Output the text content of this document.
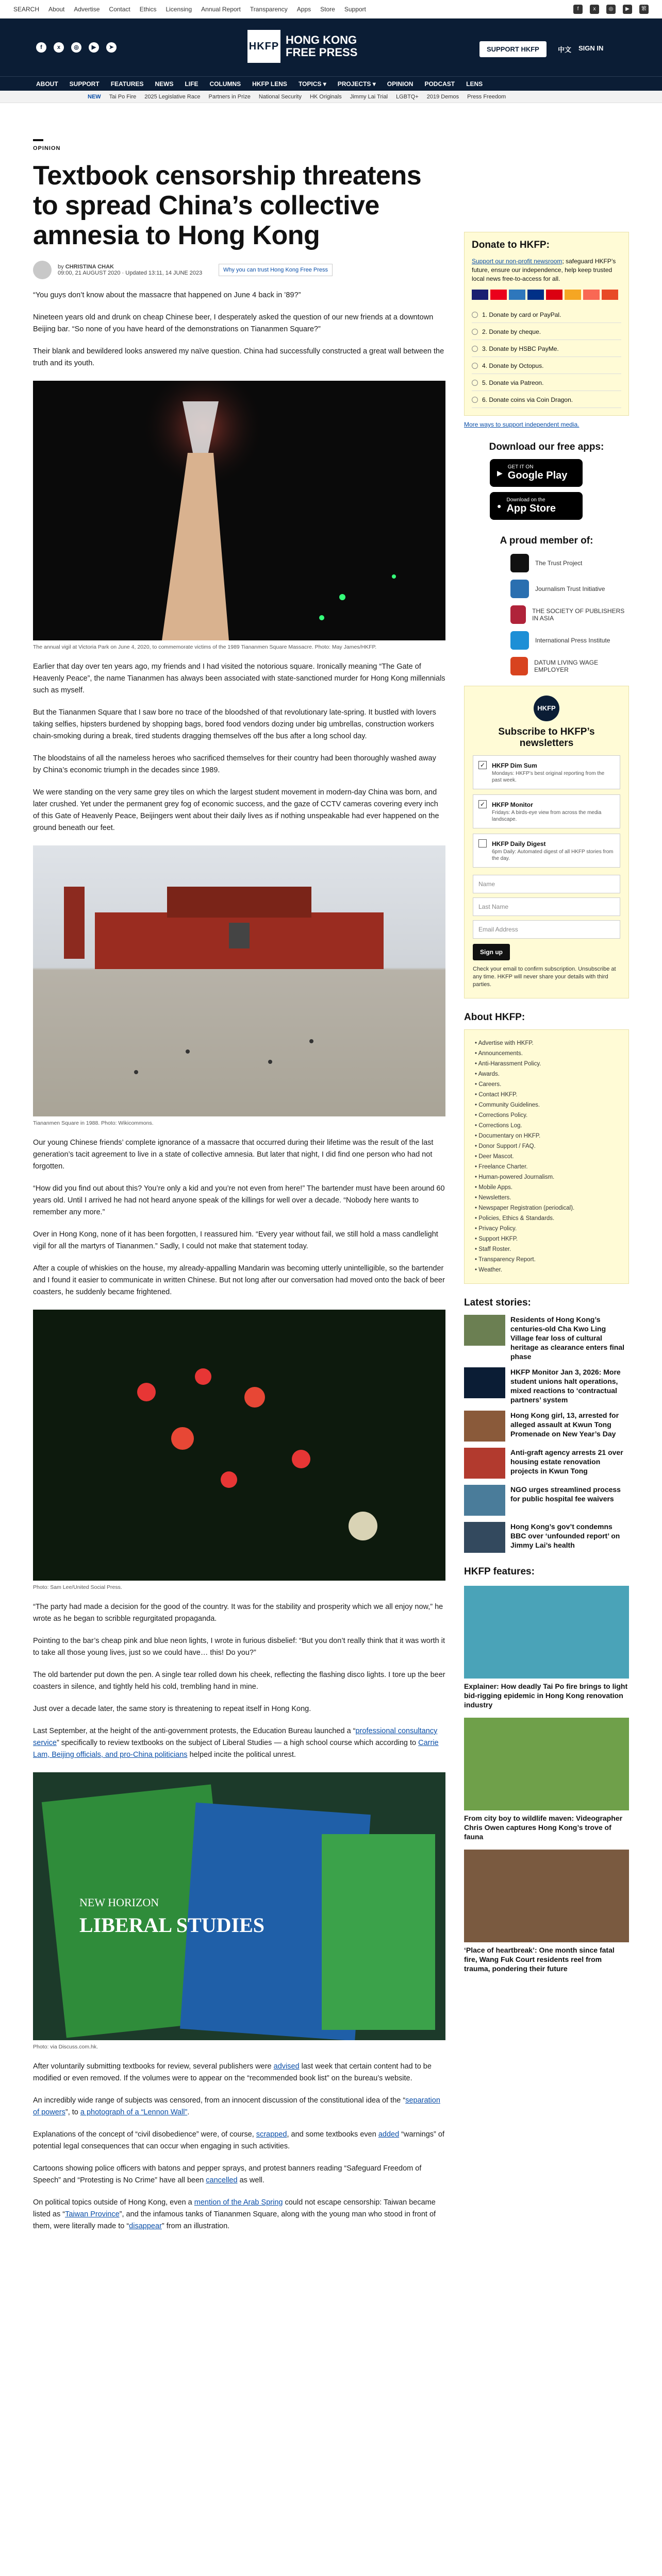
SEARCH About Advertise Contact Ethics Licensing Annual Report Transparency Apps Store Support	f	x	◎	▶	繁
f	x	◎	▶	➤	HKFP HONG KONG
FREE PRESS	SUPPORT HKFP	中文 SIGN IN
ABOUT SUPPORT FEATURES NEWS LIFE COLUMNS HKFP LENS TOPICS ▾ PROJECTS ▾ OPINION PODCAST LENS
NEW Tai Po Fire 2025 Legislative Race Partners in Prize National Security HK Originals Jimmy Lai Trial LGBTQ+ 2019 Demos Press Freedom
OPINION
Textbook censorship threatens to spread China’s collective amnesia to Hong Kong
by CHRISTINA CHAK
09:00, 21 AUGUST 2020 · Updated 13:11, 14 JUNE 2023	Why you can trust Hong Kong Free Press

“You guys don’t know about the massacre that happened on June 4 back in ’89?”

Nineteen years old and drunk on cheap Chinese beer, I desperately asked the question of our new friends at a downtown Beijing bar. “So none of you have heard of the demonstrations on Tiananmen Square?”

Their blank and bewildered looks answered my naïve question. China had successfully constructed a great wall between the truth and its youth.

The annual vigil at Victoria Park on June 4, 2020, to commemorate victims of the 1989 Tiananmen Square Massacre. Photo: May James/HKFP.

Earlier that day over ten years ago, my friends and I had visited the notorious square. Ironically meaning “The Gate of Heavenly Peace”, the name Tiananmen has always been associated with state-sanctioned murder for Hong Kong millennials such as myself.

But the Tiananmen Square that I saw bore no trace of the bloodshed of that revolutionary late-spring. It bustled with lovers taking selfies, hipsters burdened by shopping bags, bored food vendors dozing under big umbrellas, construction workers chain-smoking during a break, tired students dragging themselves off the bus after a long school day.

The bloodstains of all the nameless heroes who sacrificed themselves for their country had been thoroughly washed away by China’s economic triumph in the decades since 1989.

We were standing on the very same grey tiles on which the largest student movement in modern-day China was born, and later crushed. Yet under the permanent grey fog of economic success, and the gaze of CCTV cameras covering every inch of this Gate of Heavenly Peace, Beijingers went about their daily lives as if nothing unspeakable had ever happened on the ground beneath our feet.

Tiananmen Square in 1988. Photo: Wikicommons.

Our young Chinese friends’ complete ignorance of a massacre that occurred during their lifetime was the result of the last generation’s tacit agreement to live in a state of collective amnesia. But later that night, I did find one person who had not forgotten.

“How did you find out about this? You’re only a kid and you’re not even from here!” The bartender must have been around 60 years old. Until I arrived he had not heard anyone speak of the killings for well over a decade. “Nobody here wants to remember any more.”

Over in Hong Kong, none of it has been forgotten, I reassured him. “Every year without fail, we still hold a mass candlelight vigil for all the martyrs of Tiananmen.” Sadly, I could not make that statement today.

After a couple of whiskies on the house, my already-appalling Mandarin was becoming utterly unintelligible, so the bartender and I found it easier to communicate in written Chinese. But not long after our conversation had moved onto the back of beer coasters, he suddenly became frightened.

Photo: Sam Lee/United Social Press.

“The party had made a decision for the good of the country. It was for the stability and prosperity which we all enjoy now,” he wrote as he began to scribble regurgitated propaganda.

Pointing to the bar’s cheap pink and blue neon lights, I wrote in furious disbelief: “But you don’t really think that it was worth it to take all those young lives, just so we could have… this! Do you?”

The old bartender put down the pen. A single tear rolled down his cheek, reflecting the flashing disco lights. I tore up the beer coasters in silence, and tightly held his cold, trembling hand in mine.

Just over a decade later, the same story is threatening to repeat itself in Hong Kong.

Last September, at the height of the anti-government protests, the Education Bureau launched a “professional consultancy service” specifically to review textbooks on the subject of Liberal Studies — a high school course which according to Carrie Lam, Beijing officials, and pro-China politicians helped incite the political unrest.

NEW HORIZON
LIBERAL STUDIES
Photo: via Discuss.com.hk.

After voluntarily submitting textbooks for review, several publishers were advised last week that certain content had to be modified or even removed. If the volumes were to appear on the “recommended book list” on the bureau’s website.

An incredibly wide range of subjects was censored, from an innocent discussion of the constitutional idea of the “separation of powers”, to a photograph of a “Lennon Wall”.

Explanations of the concept of “civil disobedience” were, of course, scrapped, and some textbooks even added “warnings” of potential legal consequences that can occur when engaging in such activities.

Cartoons showing police officers with batons and pepper sprays, and protest banners reading “Safeguard Freedom of Speech” and “Protesting is No Crime” have all been cancelled as well.

On political topics outside of Hong Kong, even a mention of the Arab Spring could not escape censorship: Taiwan became listed as “Taiwan Province”, and the infamous tanks of Tiananmen Square, along with the young man who stood in front of them, were literally made to “disappear” from an illustration.

Donate to HKFP:

Support our non-profit newsroom; safeguard HKFP’s future, ensure our independence, help keep trusted local news free-to-access for all.

1. Donate by card or PayPal.
2. Donate by cheque.
3. Donate by HSBC PayMe.
4. Donate by Octopus.
5. Donate via Patreon.
6. Donate coins via Coin Dragon.
More ways to support independent media.
Download our free apps:
▶
GET IT ON
Google Play
●
Download on the
App Store
A proud member of:
The Trust Project
Journalism Trust Initiative
THE SOCIETY OF PUBLISHERS IN ASIA
International Press Institute
DATUM LIVING WAGE EMPLOYER
HKFP
Subscribe to HKFP’s newsletters
✓ HKFP Dim Sum
Mondays: HKFP’s best original reporting from the past week.
✓ HKFP Monitor
Fridays: A birds-eye view from across the media landscape.
HKFP Daily Digest
6pm Daily: Automated digest of all HKFP stories from the day.
Name
Last Name
Email Address
Sign up

Check your email to confirm subscription. Unsubscribe at any time. HKFP will never share your details with third parties.

About HKFP:
• Advertise with HKFP.
• Announcements.
• Anti-Harassment Policy.
• Awards.
• Careers.
• Contact HKFP.
• Community Guidelines.
• Corrections Policy.
• Corrections Log.
• Documentary on HKFP.
• Donor Support / FAQ.
• Deer Mascot.
• Freelance Charter.
• Human-powered Journalism.
• Mobile Apps.
• Newsletters.
• Newspaper Registration (periodical).
• Policies, Ethics & Standards.
• Privacy Policy.
• Support HKFP.
• Staff Roster.
• Transparency Report.
• Weather.
Latest stories:
Residents of Hong Kong’s centuries-old Cha Kwo Ling Village fear loss of cultural heritage as clearance enters final phase
HKFP Monitor Jan 3, 2026: More student unions halt operations, mixed reactions to ‘contractual partners’ system
Hong Kong girl, 13, arrested for alleged assault at Kwun Tong Promenade on New Year’s Day
Anti-graft agency arrests 21 over housing estate renovation projects in Kwun Tong
NGO urges streamlined process for public hospital fee waivers
Hong Kong’s gov’t condemns BBC over ‘unfounded report’ on Jimmy Lai’s health
HKFP features:
Explainer: How deadly Tai Po fire brings to light bid-rigging epidemic in Hong Kong renovation industry
From city boy to wildlife maven: Videographer Chris Owen captures Hong Kong’s trove of fauna
‘Place of heartbreak’: One month since fatal fire, Wang Fuk Court residents reel from trauma, pondering their future
